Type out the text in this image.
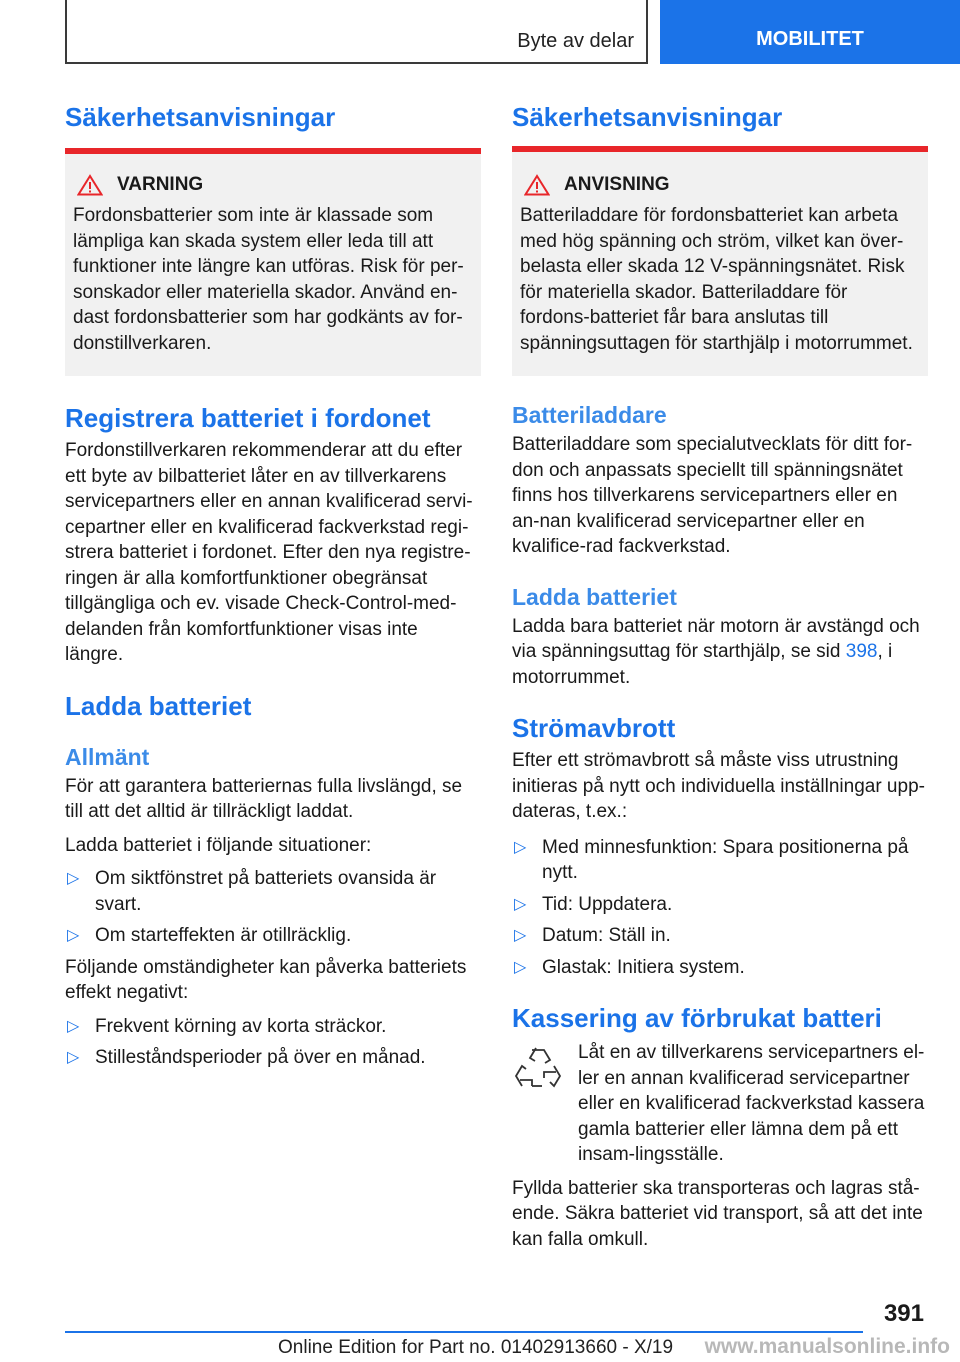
Byte av delar	MOBILITET
Säkerhetsanvisningar
VARNING

Fordonsbatterier som inte är klassade som lämpliga kan skada system eller leda till att funktioner inte längre kan utföras. Risk för per-sonskador eller materiella skador. Använd en-dast fordonsbatterier som har godkänts av for-donstillverkaren.

Registrera batteriet i fordonet

Fordonstillverkaren rekommenderar att du efter ett byte av bilbatteriet låter en av tillverkarens servicepartners eller en annan kvalificerad servi-cepartner eller en kvalificerad fackverkstad regi-strera batteriet i fordonet. Efter den nya registre-ringen är alla komfortfunktioner obegränsat tillgängliga och ev. visade Check-Control-med-delanden från komfortfunktioner visas inte längre.

Ladda batteriet
Allmänt

För att garantera batteriernas fulla livslängd, se till att det alltid är tillräckligt laddat.

Ladda batteriet i följande situationer:

▷ Om siktfönstret på batteriets ovansida är svart.
▷ Om starteffekten är otillräcklig.

Följande omständigheter kan påverka batteriets effekt negativt:

▷ Frekvent körning av korta sträckor.
▷ Stilleståndsperioder på över en månad.
Säkerhetsanvisningar
ANVISNING

Batteriladdare för fordonsbatteriet kan arbeta med hög spänning och ström, vilket kan över-belasta eller skada 12 V-spänningsnätet. Risk för materiella skador. Batteriladdare för fordons-batteriet får bara anslutas till spänningsuttagen för starthjälp i motorrummet.

Batteriladdare

Batteriladdare som specialutvecklats för ditt for-don och anpassats speciellt till spänningsnätet finns hos tillverkarens servicepartners eller en an-nan kvalificerad servicepartner eller en kvalifice-rad fackverkstad.

Ladda batteriet

Ladda bara batteriet när motorn är avstängd och via spänningsuttag för starthjälp, se sid 398, i motorrummet.

Strömavbrott

Efter ett strömavbrott så måste viss utrustning initieras på nytt och individuella inställningar upp-dateras, t.ex.:

▷ Med minnesfunktion: Spara positionerna på nytt.
▷ Tid: Uppdatera.
▷ Datum: Ställ in.
▷ Glastak: Initiera system.
Kassering av förbrukat batteri

Låt en av tillverkarens servicepartners el-ler en annan kvalificerad servicepartner eller en kvalificerad fackverkstad kassera gamla batterier eller lämna dem på ett insam-lingsställe.

Fyllda batterier ska transporteras och lagras stå-ende. Säkra batteriet vid transport, så att det inte kan falla omkull.

391
Online Edition for Part no. 01402913660 - X/19 www.manualsonline.info
